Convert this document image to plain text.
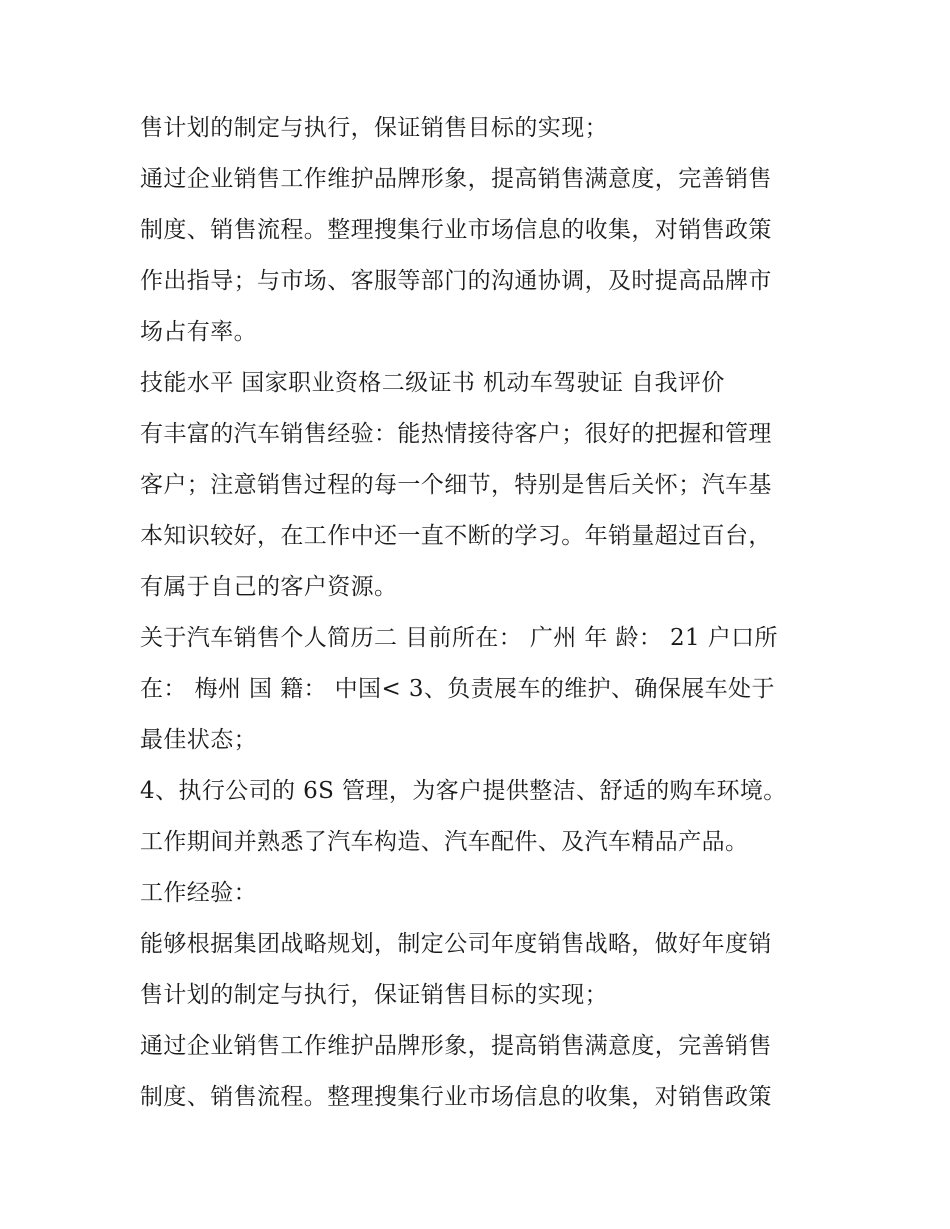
售计划的制定与执行，保证销售目标的实现；
通过企业销售工作维护品牌形象，提高销售满意度，完善销售
制度、销售流程。整理搜集行业市场信息的收集，对销售政策
作出指导；与市场、客服等部门的沟通协调，及时提高品牌市
场占有率。
技能水平 国家职业资格二级证书 机动车驾驶证 自我评价
有丰富的汽车销售经验：能热情接待客户；很好的把握和管理
客户；注意销售过程的每一个细节，特别是售后关怀；汽车基
本知识较好，在工作中还一直不断的学习。年销量超过百台，
有属于自己的客户资源。
关于汽车销售个人简历二 目前所在： 广州 年 龄： 21 户口所
在： 梅州 国 籍： 中国< 3、负责展车的维护、确保展车处于
最佳状态；
4、执行公司的 6S 管理，为客户提供整洁、舒适的购车环境。
工作期间并熟悉了汽车构造、汽车配件、及汽车精品产品。
工作经验：
能够根据集团战略规划，制定公司年度销售战略，做好年度销
售计划的制定与执行，保证销售目标的实现；
通过企业销售工作维护品牌形象，提高销售满意度，完善销售
制度、销售流程。整理搜集行业市场信息的收集，对销售政策
